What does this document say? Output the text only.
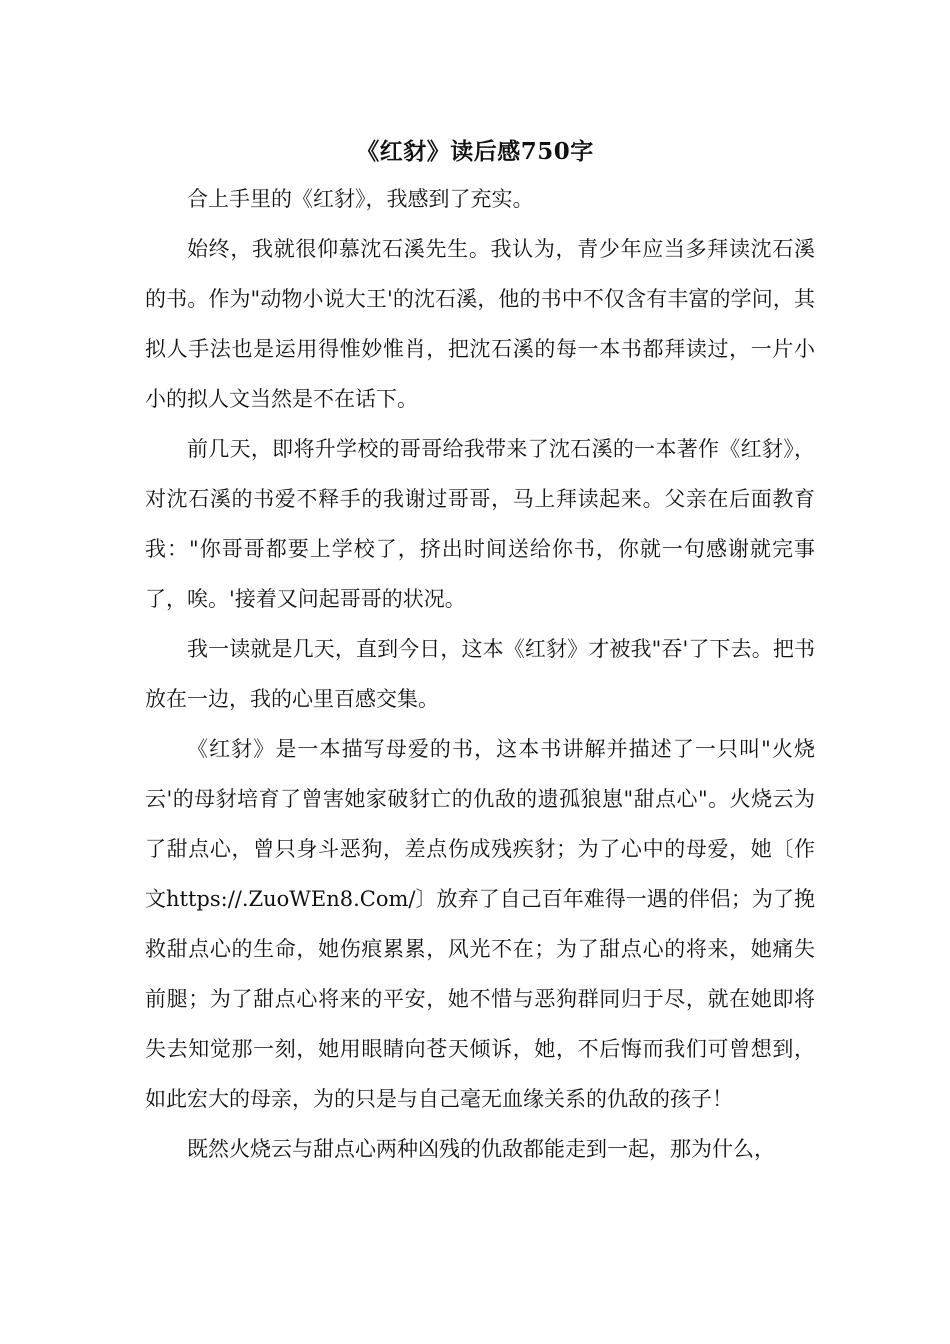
《红豺》读后感750字

合上手里的《红豺》，我感到了充实。

始终，我就很仰慕沈石溪先生。我认为，青少年应当多拜读沈石溪的书。作为"动物小说大王'的沈石溪，他的书中不仅含有丰富的学问，其拟人手法也是运用得惟妙惟肖，把沈石溪的每一本书都拜读过，一片小小的拟人文当然是不在话下。

前几天，即将升学校的哥哥给我带来了沈石溪的一本著作《红豺》，对沈石溪的书爱不释手的我谢过哥哥，马上拜读起来。父亲在后面教育我："你哥哥都要上学校了，挤出时间送给你书，你就一句感谢就完事了，唉。'接着又问起哥哥的状况。

我一读就是几天，直到今日，这本《红豺》才被我"吞'了下去。把书放在一边，我的心里百感交集。

《红豺》是一本描写母爱的书，这本书讲解并描述了一只叫"火烧云'的母豺培育了曾害她家破豺亡的仇敌的遗孤狼崽"甜点心"。火烧云为了甜点心，曾只身斗恶狗，差点伤成残疾豺；为了心中的母爱，她〔作文https://.ZuoWEn8.Com/〕放弃了自己百年难得一遇的伴侣；为了挽救甜点心的生命，她伤痕累累，风光不在；为了甜点心的将来，她痛失前腿；为了甜点心将来的平安，她不惜与恶狗群同归于尽，就在她即将失去知觉那一刻，她用眼睛向苍天倾诉，她，不后悔而我们可曾想到，如此宏大的母亲，为的只是与自己毫无血缘关系的仇敌的孩子！

既然火烧云与甜点心两种凶残的仇敌都能走到一起，那为什么，
